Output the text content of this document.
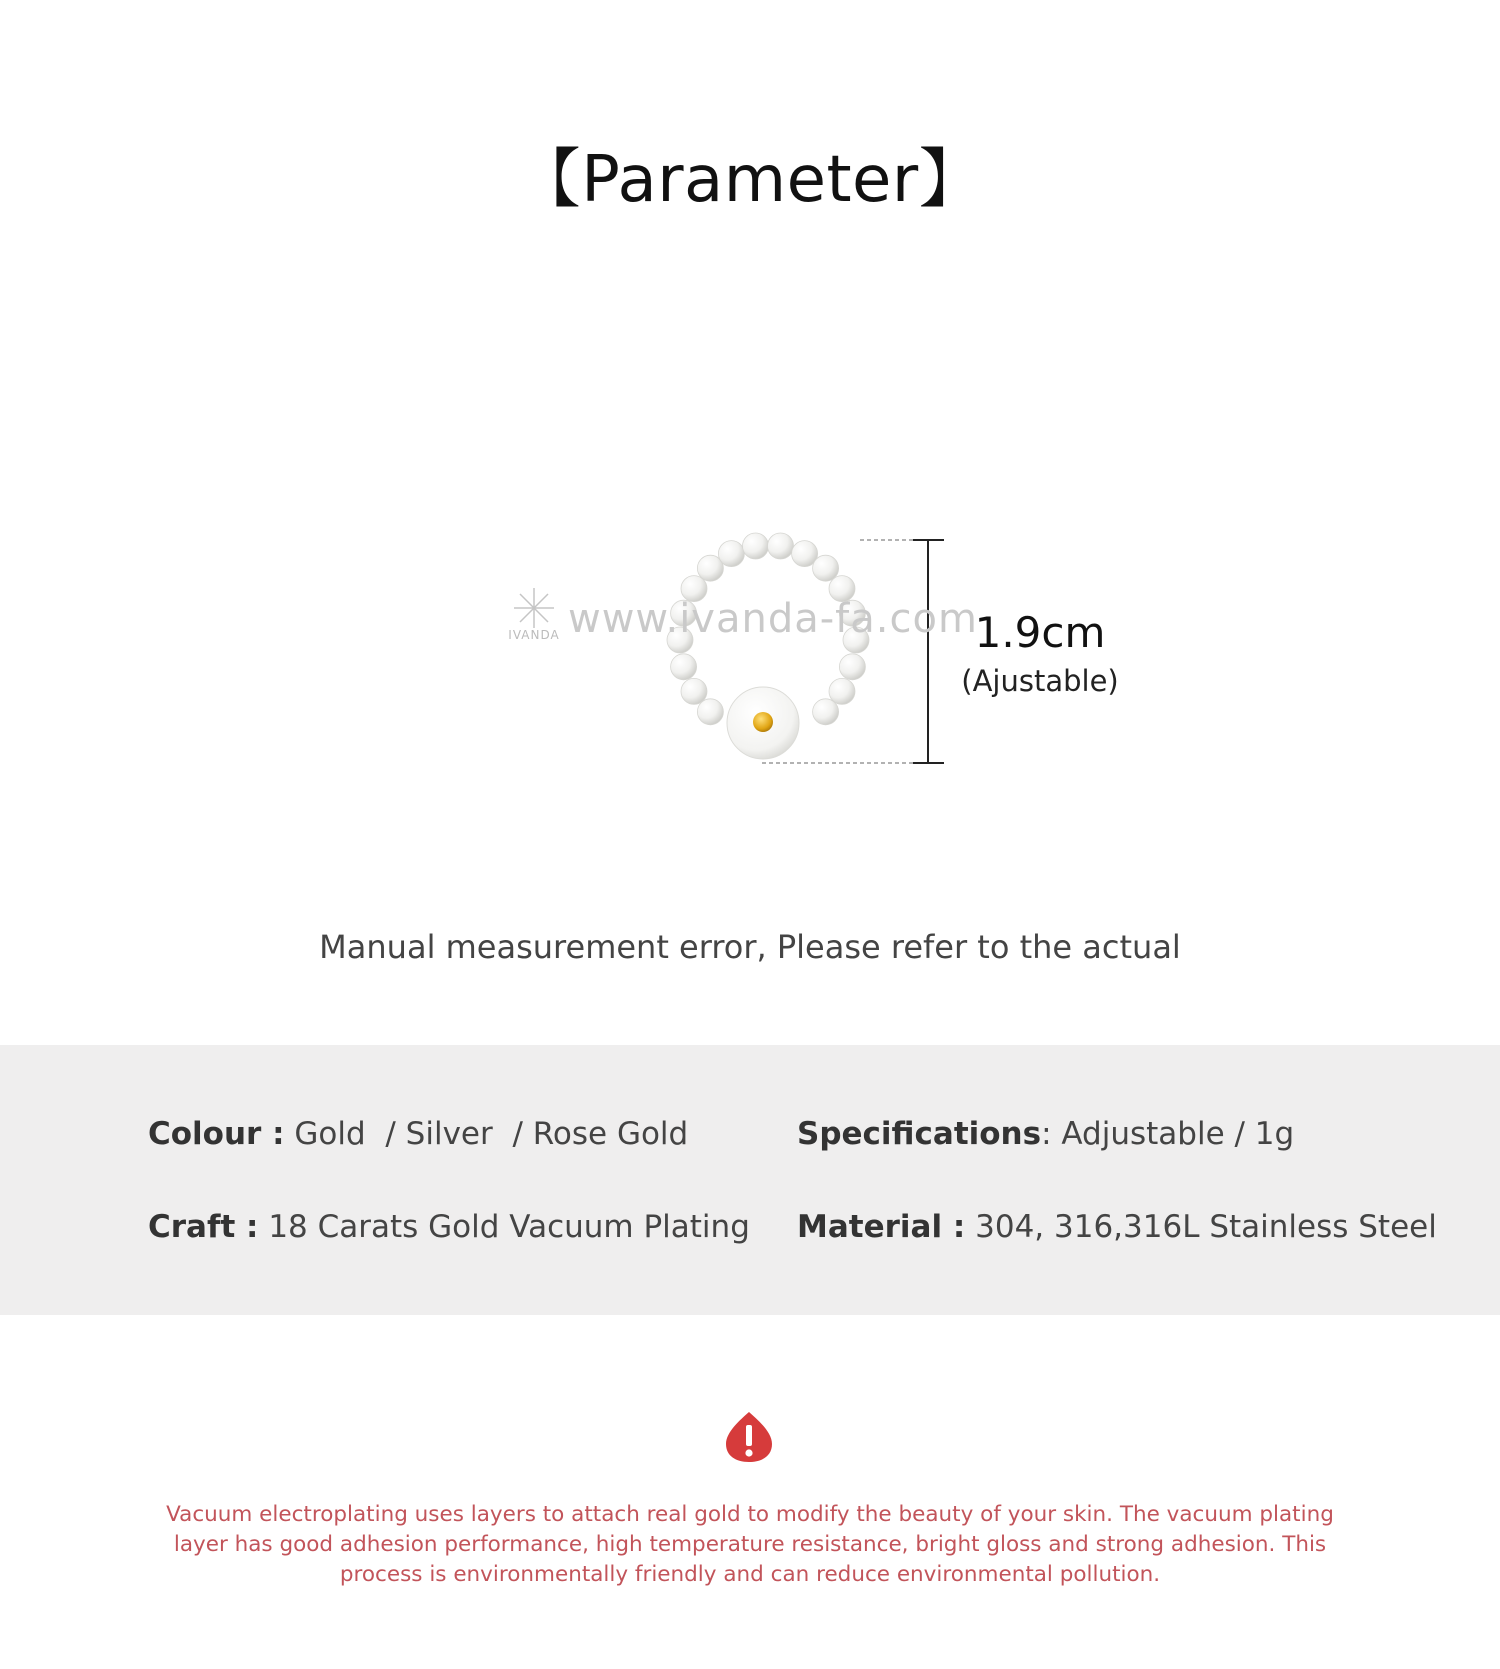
【Parameter】
IVANDA www.ivanda-fa.com
1.9cm
(Ajustable)
Manual measurement error, Please refer to the actual
Colour : Gold  / Silver  / Rose Gold	Specifications: Adjustable / 1g
Craft : 18 Carats Gold Vacuum Plating Material : 304, 316,316L Stainless Steel
Vacuum electroplating uses layers to attach real gold to modify the beauty of your skin. The vacuum plating layer has good adhesion performance, high temperature resistance, bright gloss and strong adhesion. This process is environmentally friendly and can reduce environmental pollution.
